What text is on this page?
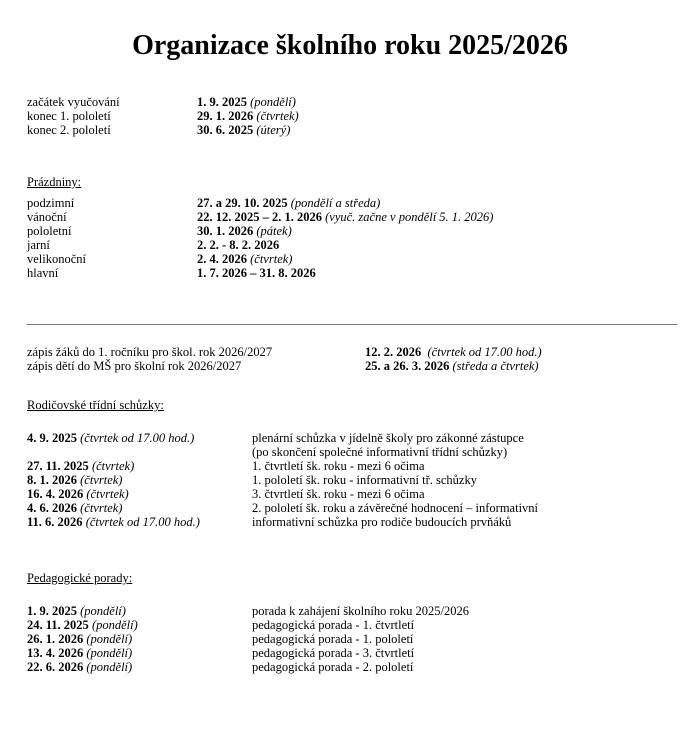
Organizace školního roku 2025/2026
začátek vyučování	1. 9. 2025 (pondělí)
konec 1. pololetí	29. 1. 2026 (čtvrtek)
konec 2. pololetí	30. 6. 2025 (úterý)
Prázdniny:
podzimní	27. a 29. 10. 2025 (pondělí a středa)
vánoční	22. 12. 2025 – 2. 1. 2026 (vyuč. začne v pondělí 5. 1. 2026)
pololetní	30. 1. 2026 (pátek)
jarní	2. 2. - 8. 2. 2026
velikonoční	2. 4. 2026 (čtvrtek)
hlavní	1. 7. 2026 – 31. 8. 2026
zápis žáků do 1. ročníku pro škol. rok 2026/2027	12. 2. 2026 (čtvrtek od 17.00 hod.)
zápis dětí do MŠ pro školní rok 2026/2027	25. a 26. 3. 2026 (středa a čtvrtek)
Rodičovské třídní schůzky:
4. 9. 2025 (čtvrtek od 17.00 hod.)	plenární schůzka v jídelně školy pro zákonné zástupce
(po skončení společné informativní třídní schůzky)
27. 11. 2025 (čtvrtek)	1. čtvrtletí šk. roku - mezi 6 očima
8. 1. 2026 (čtvrtek)	1. pololetí šk. roku - informativní tř. schůzky
16. 4. 2026 (čtvrtek)	3. čtvrtletí šk. roku - mezi 6 očima
4. 6. 2026 (čtvrtek)	2. pololetí šk. roku a závěrečné hodnocení – informativní
11. 6. 2026 (čtvrtek od 17.00 hod.)	informativní schůzka pro rodiče budoucích prvňáků
Pedagogické porady:
1. 9. 2025 (pondělí)	porada k zahájení školního roku 2025/2026
24. 11. 2025 (pondělí)	pedagogická porada - 1. čtvrtletí
26. 1. 2026 (pondělí)	pedagogická porada - 1. pololetí
13. 4. 2026 (pondělí)	pedagogická porada - 3. čtvrtletí
22. 6. 2026 (pondělí)	pedagogická porada - 2. pololetí
